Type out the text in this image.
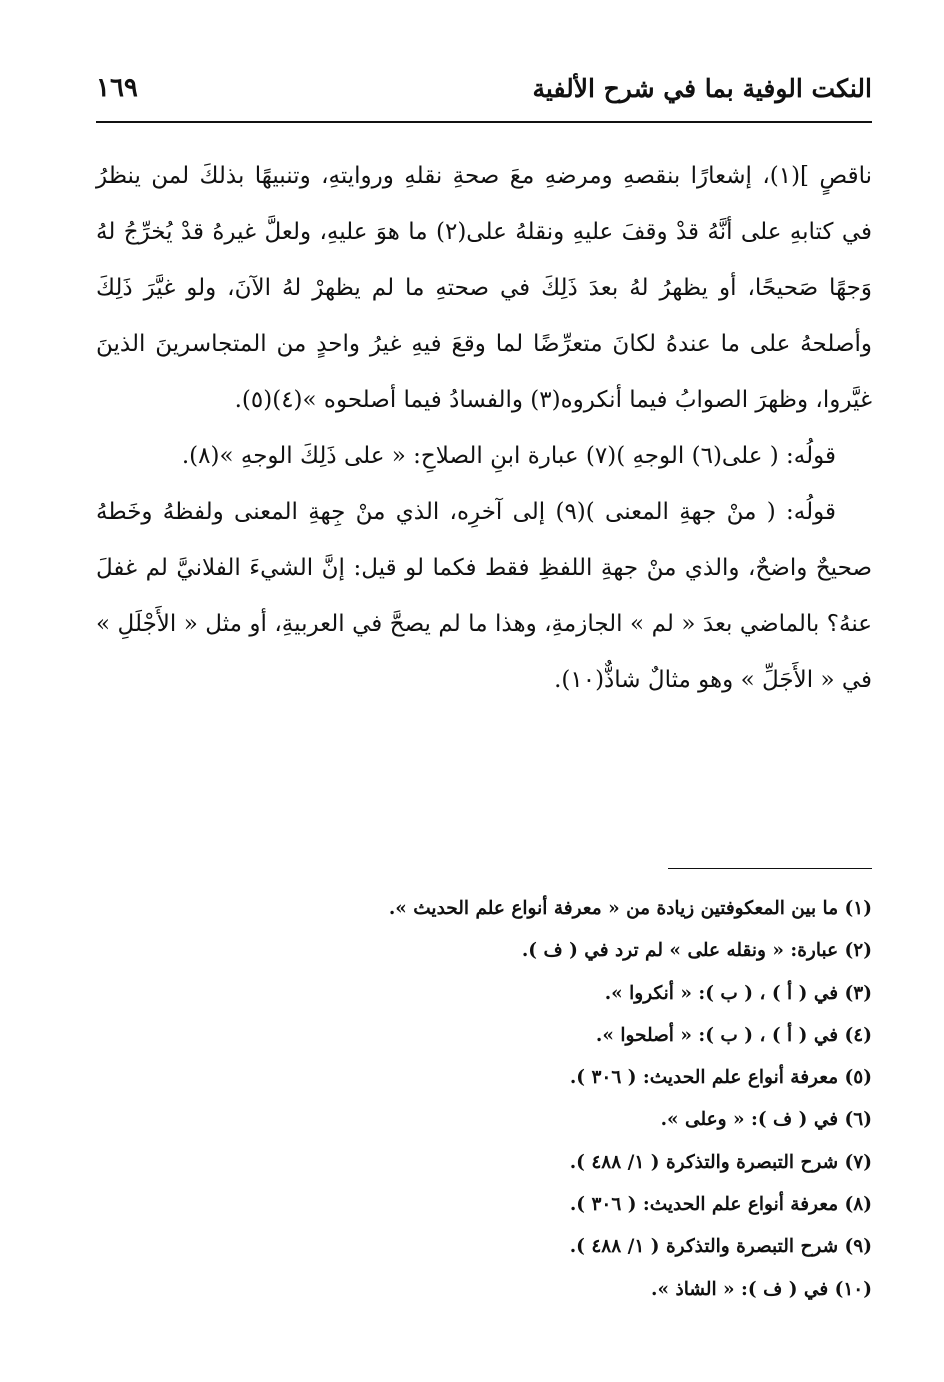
النكت الوفية بما في شرح الألفية
١٦٩

ناقصٍ ](١)، إشعارًا بنقصهِ ومرضهِ معَ صحةِ نقلهِ وروايتهِ، وتنبيهًا بذلكَ لمن ينظرُ في كتابهِ على أنَّهُ قدْ وقفَ عليهِ ونقلهُ على(٢) ما هوَ عليهِ، ولعلَّ غيرهُ قدْ يُخرِّجُ لهُ وَجهًا صَحيحًا، أو يظهرُ لهُ بعدَ ذَلِكَ في صحتهِ ما لم يظهرْ لهُ الآنَ، ولو غيَّرَ ذَلِكَ وأصلحهُ على ما عندهُ لكانَ متعرِّضًا لما وقعَ فيهِ غيرُ واحدٍ من المتجاسرينَ الذينَ غيَّروا، وظهرَ الصوابُ فيما أنكروه(٣) والفسادُ فيما أصلحوه »(٤)(٥).

قولُه: ( على(٦) الوجهِ )(٧) عبارة ابنِ الصلاحِ: « على ذَلِكَ الوجهِ »(٨).

قولُه: ( منْ جهةِ المعنى )(٩) إلى آخرِه، الذي منْ جِهةِ المعنى ولفظهُ وخَطهُ صحيحٌ واضحٌ، والذي منْ جهةِ اللفظِ فقط فكما لو قيل: إنَّ الشيءَ الفلانيَّ لم غفلَ عنهُ؟ بالماضي بعدَ « لم » الجازمةِ، وهذا ما لم يصحَّ في العربيةِ، أو مثل « الأَجْلَلِ » في « الأَجَلِّ » وهو مثالٌ شاذٌّ(١٠).

(١) ما بين المعكوفتين زيادة من « معرفة أنواع علم الحديث ».
(٢) عبارة: « ونقله على » لم ترد في ( ف ).
(٣) في ( أ ) ، ( ب ): « أنكروا ».
(٤) في ( أ ) ، ( ب ): « أصلحوا ».
(٥) معرفة أنواع علم الحديث: ( ٣٠٦ ).
(٦) في ( ف ): « وعلى ».
(٧) شرح التبصرة والتذكرة ( ١/ ٤٨٨ ).
(٨) معرفة أنواع علم الحديث: ( ٣٠٦ ).
(٩) شرح التبصرة والتذكرة ( ١/ ٤٨٨ ).
(١٠) في ( ف ): « الشاذ ».
